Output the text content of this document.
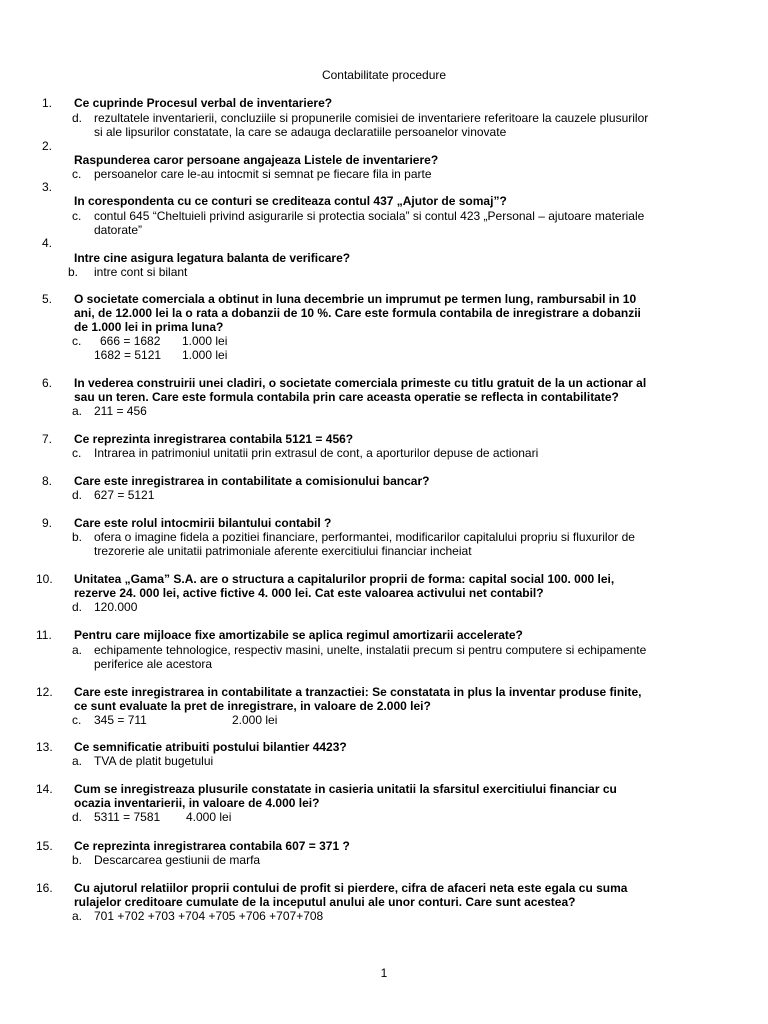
Contabilitate procedure
1.	Ce cuprinde Procesul verbal de inventariere?
d. rezultatele inventarierii, concluziile si propunerile comisiei de inventariere referitoare la cauzele plusurilor
si ale lipsurilor constatate, la care se adauga declaratiile persoanelor vinovate
2.
Raspunderea caror persoane angajeaza Listele de inventariere?
c.	persoanelor care le-au intocmit si semnat pe fiecare fila in parte
3.
In corespondenta cu ce conturi se crediteaza contul 437 „Ajutor de somaj”?
c.	contul 645 “Cheltuieli privind asigurarile si protectia sociala” si contul 423 „Personal – ajutoare materiale
datorate”
4.
Intre cine asigura legatura balanta de verificare?
b.	intre cont si bilant
5.	O societate comerciala a obtinut in luna decembrie un imprumut pe termen lung, rambursabil in 10
ani, de 12.000 lei la o rata a dobanzii de 10 %. Care este formula contabila de inregistrare a dobanzii
de 1.000 lei in prima luna?
c.	666 = 1682 1.000 lei
1682 = 5121 1.000 lei
6.	In vederea construirii unei cladiri, o societate comerciala primeste cu titlu gratuit de la un actionar al
sau un teren. Care este formula contabila prin care aceasta operatie se reflecta in contabilitate?
a. 211 = 456
7.	Ce reprezinta inregistrarea contabila 5121 = 456?
c.	Intrarea in patrimoniul unitatii prin extrasul de cont, a aporturilor depuse de actionari
8.	Care este inregistrarea in contabilitate a comisionului bancar?
d. 627 = 5121
9.	Care este rolul intocmirii bilantului contabil ?
b. ofera o imagine fidela a pozitiei financiare, performantei, modificarilor capitalului propriu si fluxurilor de
trezorerie ale unitatii patrimoniale aferente exercitiului financiar incheiat
10.	Unitatea „Gama” S.A. are o structura a capitalurilor proprii de forma: capital social 100. 000 lei,
rezerve 24. 000 lei, active fictive 4. 000 lei. Cat este valoarea activului net contabil?
d. 120.000
11.	Pentru care mijloace fixe amortizabile se aplica regimul amortizarii accelerate?
a. echipamente tehnologice, respectiv masini, unelte, instalatii precum si pentru computere si echipamente
periferice ale acestora
12.	Care este inregistrarea in contabilitate a tranzactiei: Se constatata in plus la inventar produse finite,
ce sunt evaluate la pret de inregistrare, in valoare de 2.000 lei?
c.	345 = 711	2.000 lei
13.	Ce semnificatie atribuiti postului bilantier 4423?
a. TVA de platit bugetului
14.	Cum se inregistreaza plusurile constatate in casieria unitatii la sfarsitul exercitiului financiar cu
ocazia inventarierii, in valoare de 4.000 lei?
d. 5311 = 7581 4.000 lei
15.	Ce reprezinta inregistrarea contabila 607 = 371 ?
b. Descarcarea gestiunii de marfa
16.	Cu ajutorul relatiilor proprii contului de profit si pierdere, cifra de afaceri neta este egala cu suma
rulajelor creditoare cumulate de la inceputul anului ale unor conturi. Care sunt acestea?
a. 701 +702 +703 +704 +705 +706 +707+708
1
